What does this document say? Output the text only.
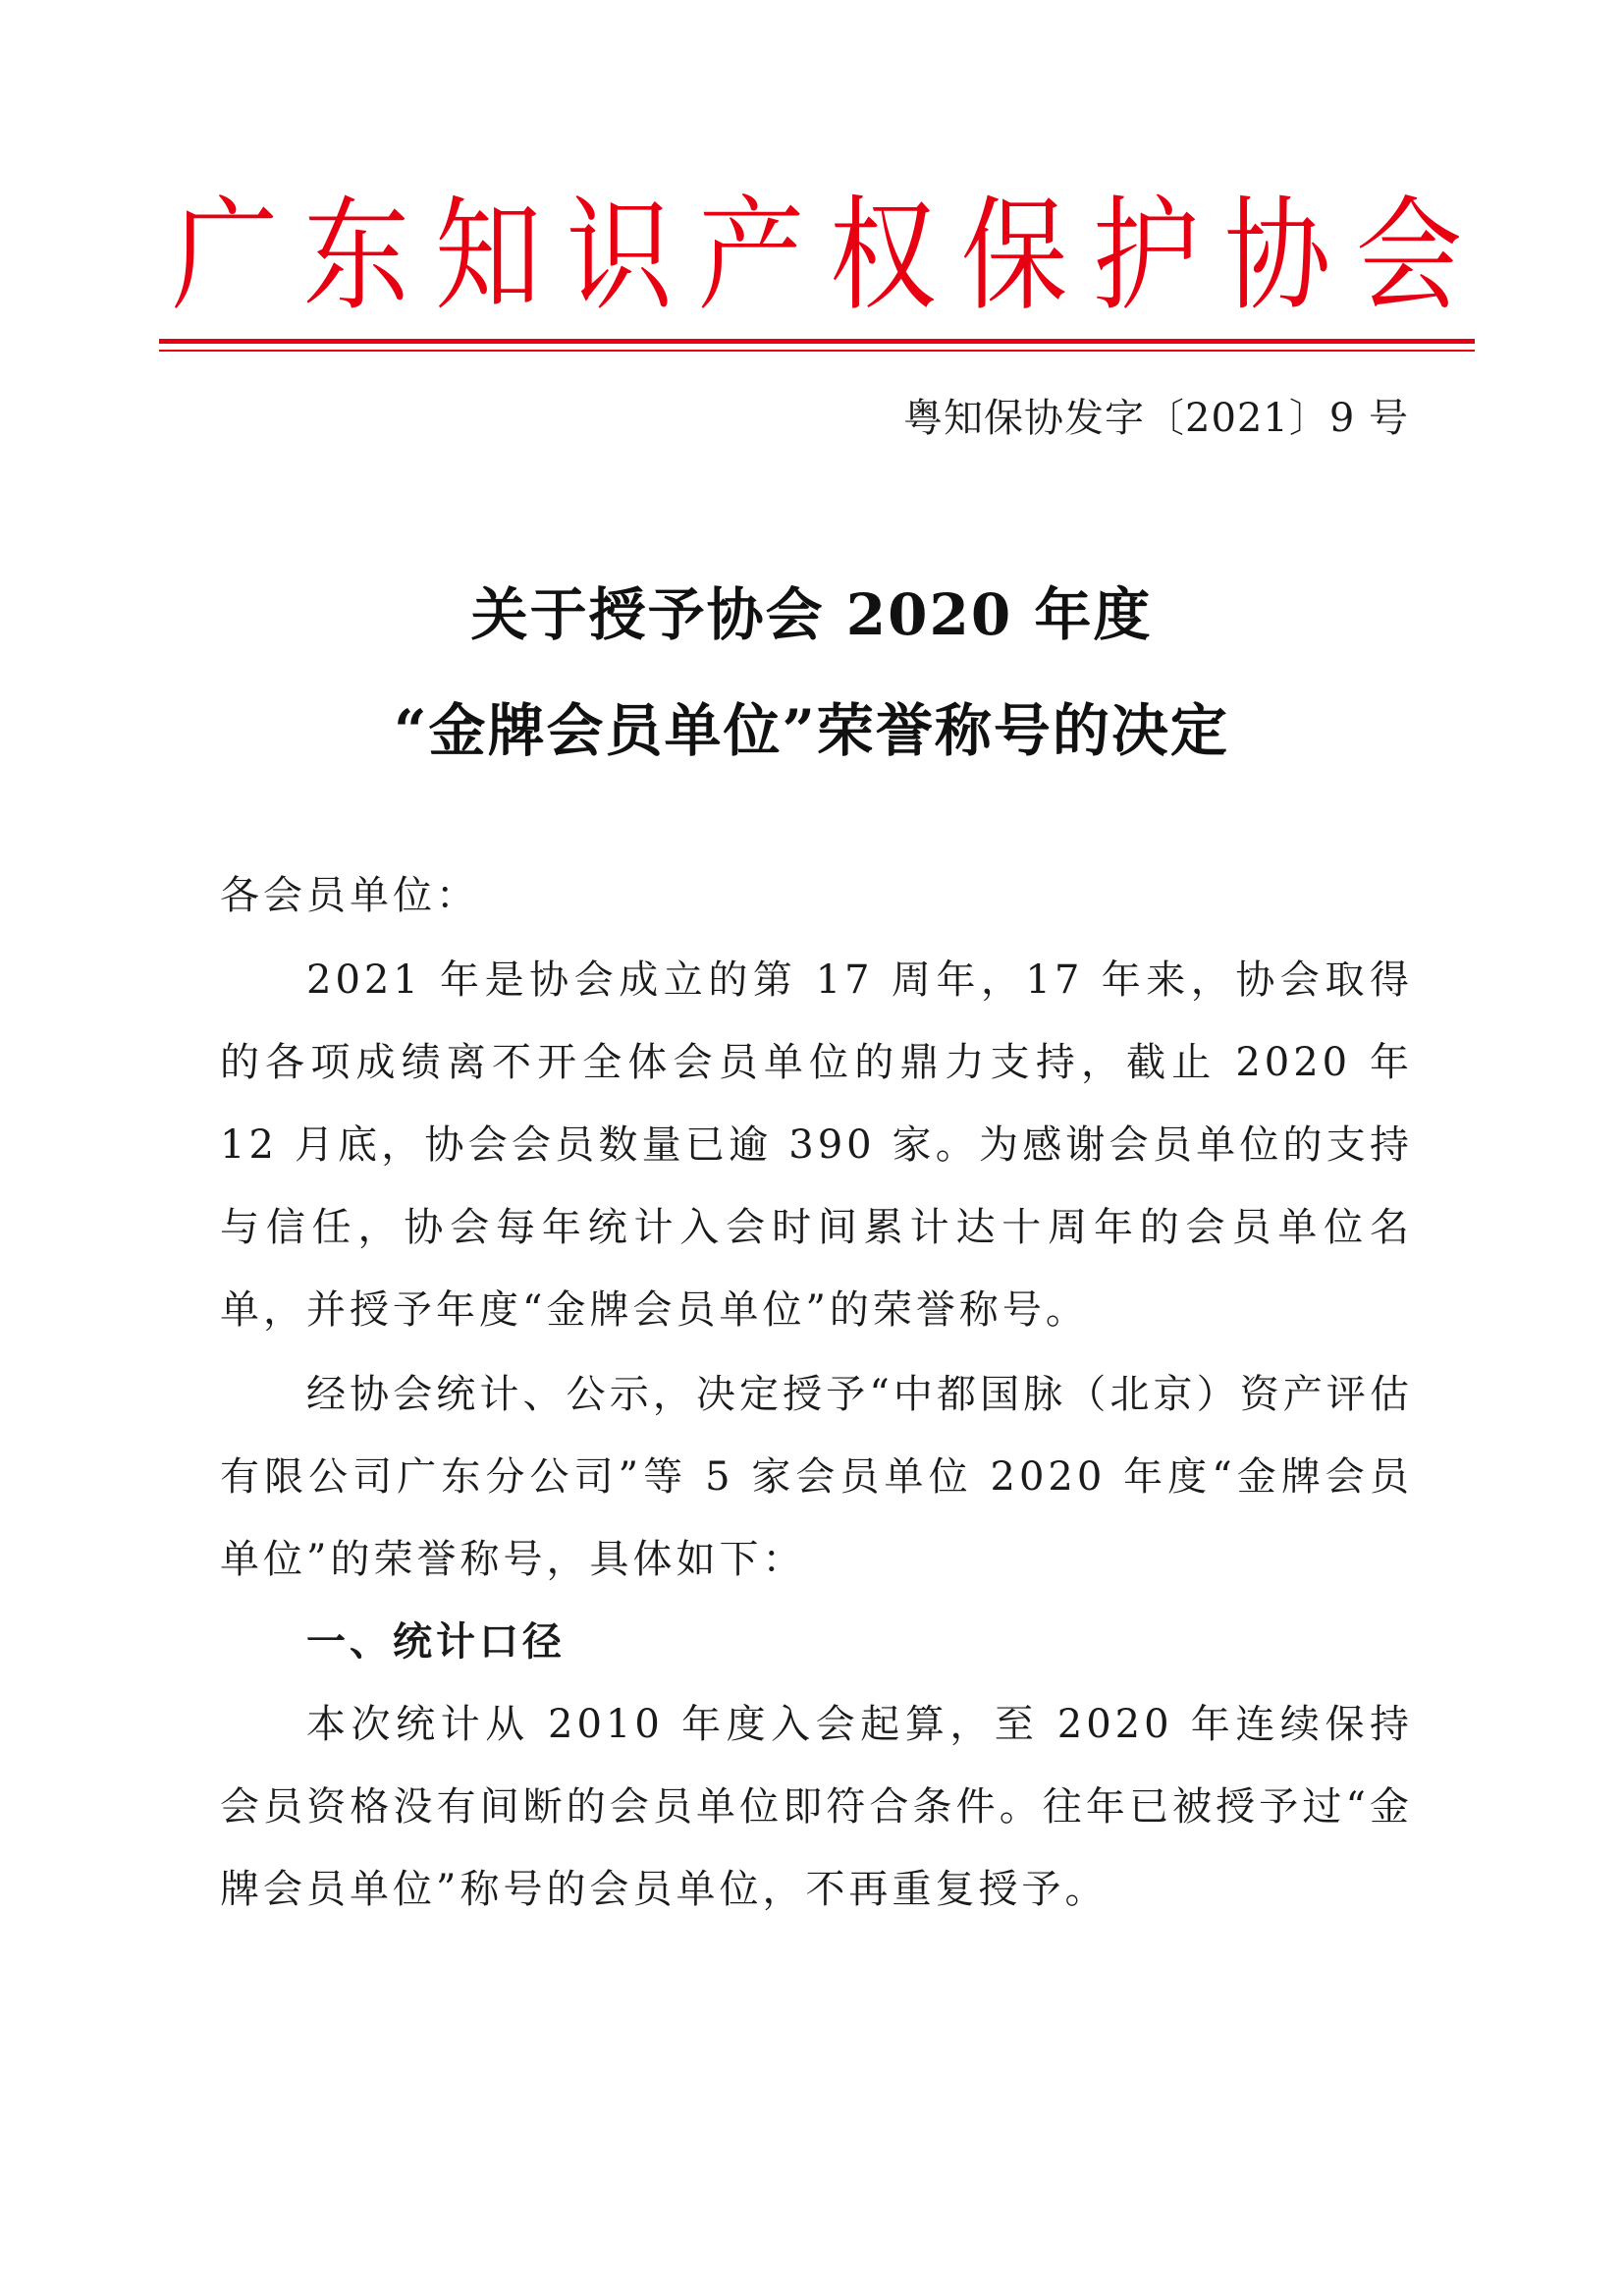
广 东 知 识 产 权 保 护 协 会
粤知保协发字〔2021〕9 号
关于授予协会 2020 年度
“金牌会员单位”荣誉称号的决定
各会员单位：
2021 年是协会成立的第 17 周年，17 年来，协会取得的各项成绩离不开全体会员单位的鼎力支持，截止 2020 年 12 月底，协会会员数量已逾 390 家。为感谢会员单位的支持与信任，协会每年统计入会时间累计达十周年的会员单位名单，并授予年度“金牌会员单位”的荣誉称号。
经协会统计、公示，决定授予“中都国脉（北京）资产评估有限公司广东分公司”等 5 家会员单位 2020 年度“金牌会员单位”的荣誉称号，具体如下：
一、统计口径
本次统计从 2010 年度入会起算，至 2020 年连续保持会员资格没有间断的会员单位即符合条件。往年已被授予过“金牌会员单位”称号的会员单位，不再重复授予。
